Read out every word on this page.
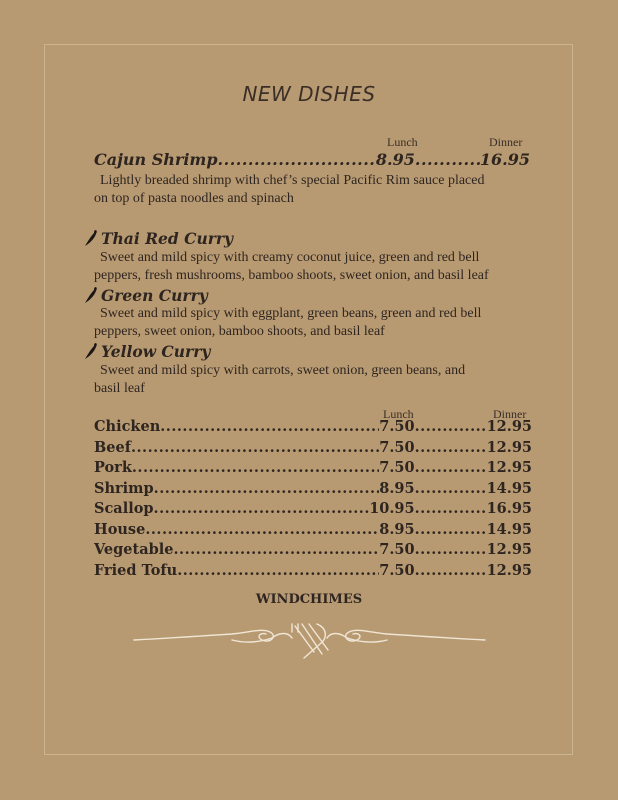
NEW DISHES
Lunch	Dinner
Cajun Shrimp .....	8.95 .....	16.95
Lightly breaded shrimp with chef’s special Pacific Rim sauce placed
on top of pasta noodles and spinach
Thai Red Curry
Sweet and mild spicy with creamy coconut juice, green and red bell
peppers, fresh mushrooms, bamboo shoots, sweet onion, and basil leaf
Green Curry
Sweet and mild spicy with eggplant, green beans, green and red bell
peppers, sweet onion, bamboo shoots, and basil leaf
Yellow Curry
Sweet and mild spicy with carrots, sweet onion, green beans, and
basil leaf
Lunch	Dinner
Chicken .....	7.50 .....	12.95
Beef .....	7.50 .....	12.95
Pork .....	7.50 .....	12.95
Shrimp .....	8.95 .....	14.95
Scallop .....	10.95 .....	16.95
House .....	8.95 .....	14.95
Vegetable .....	7.50 .....	12.95
Fried Tofu .....	7.50 .....	12.95
WINDCHIMES
